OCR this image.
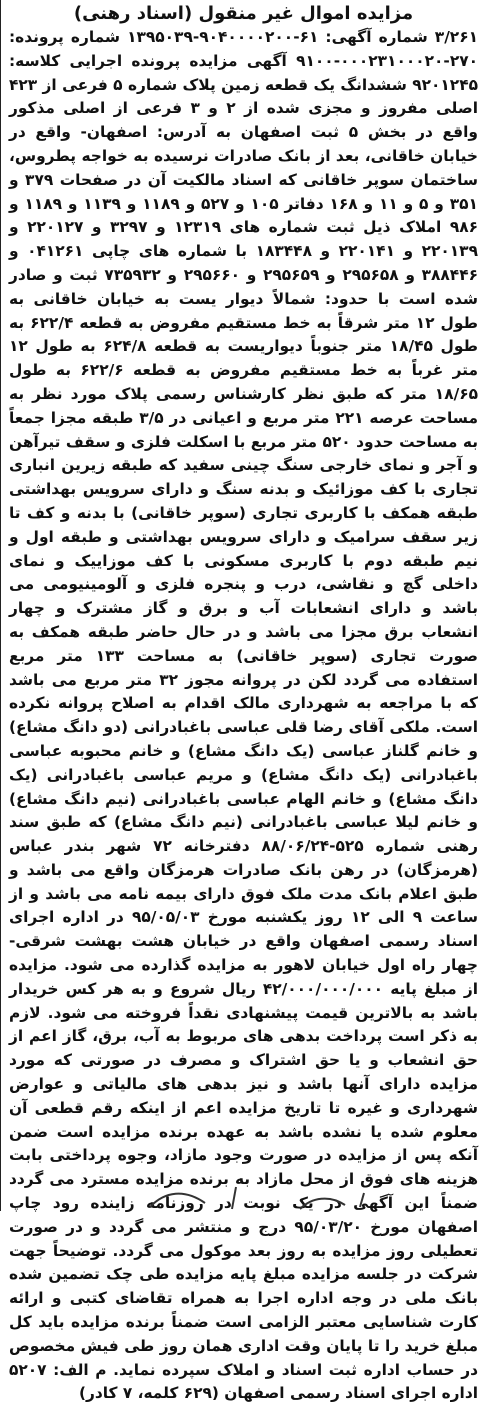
مزایده اموال غیر منقول (اسناد رهنی)

۳/۲۶۱ شماره آگهی: ۶۱-۹۰۴۰۰۰۰۲۰۰-۱۳۹۵۰۳۹ شماره پرونده: ۲۷۰-۰۰۰۲۳۱۰۰۰۲۰-۹۱۰۰ آگهی مزایده پرونده اجرایی کلاسه: ۹۲۰۱۲۴۵ ششدانگ یک قطعه زمین پلاک شماره ۵ فرعی از ۴۲۳ اصلی مفروز و مجزی شده از ۲ و ۳ فرعی از اصلی مذکور واقع در بخش ۵ ثبت اصفهان به آدرس: اصفهان- واقع در خیابان خاقانی، بعد از بانک صادرات نرسیده به خواجه پطروس، ساختمان سوپر خاقانی که اسناد مالکیت آن در صفحات ۳۷۹ و ۳۵۱ و ۵ و ۱۱ و ۱۶۸ دفاتر ۱۰۵ و ۵۲۷ و ۱۱۸۹ و ۱۱۳۹ و ۱۱۸۹ و ۹۸۶ املاک ذیل ثبت شماره های ۱۲۳۱۹ و ۳۲۹۷ و ۲۲۰۱۲۷ و ۲۲۰۱۳۹ و ۲۲۰۱۴۱ و ۱۸۳۴۴۸ با شماره های چاپی ۰۴۱۲۶۱ و ۳۸۸۴۴۶ و ۲۹۵۶۵۸ و ۲۹۵۶۵۹ و ۲۹۵۶۶۰ و ۷۳۵۹۳۲ ثبت و صادر شده است با حدود: شمالاً دیوار یست به خیابان خاقانی به طول ۱۲ متر شرقاً به خط مستقیم مفروض به قطعه ۶۲۲/۴ به طول ۱۸/۴۵ متر جنوباً دیواریست به قطعه ۶۲۴/۸ به طول ۱۲ متر غرباً به خط مستقیم مفروض به قطعه ۶۲۲/۶ به طول ۱۸/۶۵ متر که طبق نظر کارشناس رسمی پلاک مورد نظر به مساحت عرصه ۲۲۱ متر مربع و اعیانی در ۳/۵ طبقه مجزا جمعاً به مساحت حدود ۵۲۰ متر مربع با اسکلت فلزی و سقف تیرآهن و آجر و نمای خارجی سنگ چینی سفید که طبقه زیرین انباری تجاری با کف موزائیک و بدنه سنگ و دارای سرویس بهداشتی طبقه همکف با کاربری تجاری (سوپر خاقانی) با بدنه و کف تا زیر سقف سرامیک و دارای سرویس بهداشتی و طبقه اول و نیم طبقه دوم با کاربری مسکونی با کف موزاییک و نمای داخلی گچ و نقاشی، درب و پنجره فلزی و آلومینیومی می باشد و دارای انشعابات آب و برق و گاز مشترک و چهار انشعاب برق مجزا می باشد و در حال حاضر طبقه همکف به صورت تجاری (سوپر خاقانی) به مساحت ۱۳۳ متر مربع استفاده می گردد لکن در پروانه مجوز ۳۲ متر مربع می باشد که با مراجعه به شهرداری مالک اقدام به اصلاح پروانه نکرده است. ملکی آقای رضا قلی عباسی باغبادرانی (دو دانگ مشاع) و خانم گلناز عباسی (یک دانگ مشاع) و خانم محبوبه عباسی باغبادرانی (یک دانگ مشاع) و مریم عباسی باغبادرانی (یک دانگ مشاع) و خانم الهام عباسی باغبادرانی (نیم دانگ مشاع) و خانم لیلا عباسی باغبادرانی (نیم دانگ مشاع) که طبق سند رهنی شماره ۵۲۵-۸۸/۰۶/۲۴ دفترخانه ۷۲ شهر بندر عباس (هرمزگان) در رهن بانک صادرات هرمزگان واقع می باشد و طبق اعلام بانک مدت ملک فوق دارای بیمه نامه می باشد و از ساعت ۹ الی ۱۲ روز یکشنبه مورخ ۹۵/۰۵/۰۳ در اداره اجرای اسناد رسمی اصفهان واقع در خیابان هشت بهشت شرقی- چهار راه اول خیابان لاهور به مزایده گذارده می شود. مزایده از مبلغ پایه ۴۲/۰۰۰/۰۰۰/۰۰۰ ریال شروع و به هر کس خریدار باشد به بالاترین قیمت پیشنهادی نقداً فروخته می شود. لازم به ذکر است پرداخت بدهی های مربوط به آب، برق، گاز اعم از حق انشعاب و یا حق اشتراک و مصرف در صورتی که مورد مزایده دارای آنها باشد و نیز بدهی های مالیاتی و عوارض شهرداری و غیره تا تاریخ مزایده اعم از اینکه رقم قطعی آن معلوم شده یا نشده باشد به عهده برنده مزایده است ضمن آنکه پس از مزایده در صورت وجود مازاد، وجوه پرداختی بابت هزینه های فوق از محل مازاد به برنده مزایده مسترد می گردد ضمناً این آگهی در یک نوبت در روزنامه زاینده رود چاپ اصفهان مورخ ۹۵/۰۳/۲۰ درج و منتشر می گردد و در صورت تعطیلی روز مزایده به روز بعد موکول می گردد. توضیحاً جهت شرکت در جلسه مزایده مبلغ پایه مزایده طی چک تضمین شده بانک ملی در وجه اداره اجرا به همراه تقاضای کتبی و ارائه کارت شناسایی معتبر الزامی است ضمناً برنده مزایده باید کل مبلغ خرید را تا پایان وقت اداری همان روز طی فیش مخصوص در حساب اداره ثبت اسناد و املاک سپرده نماید. م الف: ۵۲۰۷ اداره اجرای اسناد رسمی اصفهان (۶۲۹ کلمه، ۷ کادر)
